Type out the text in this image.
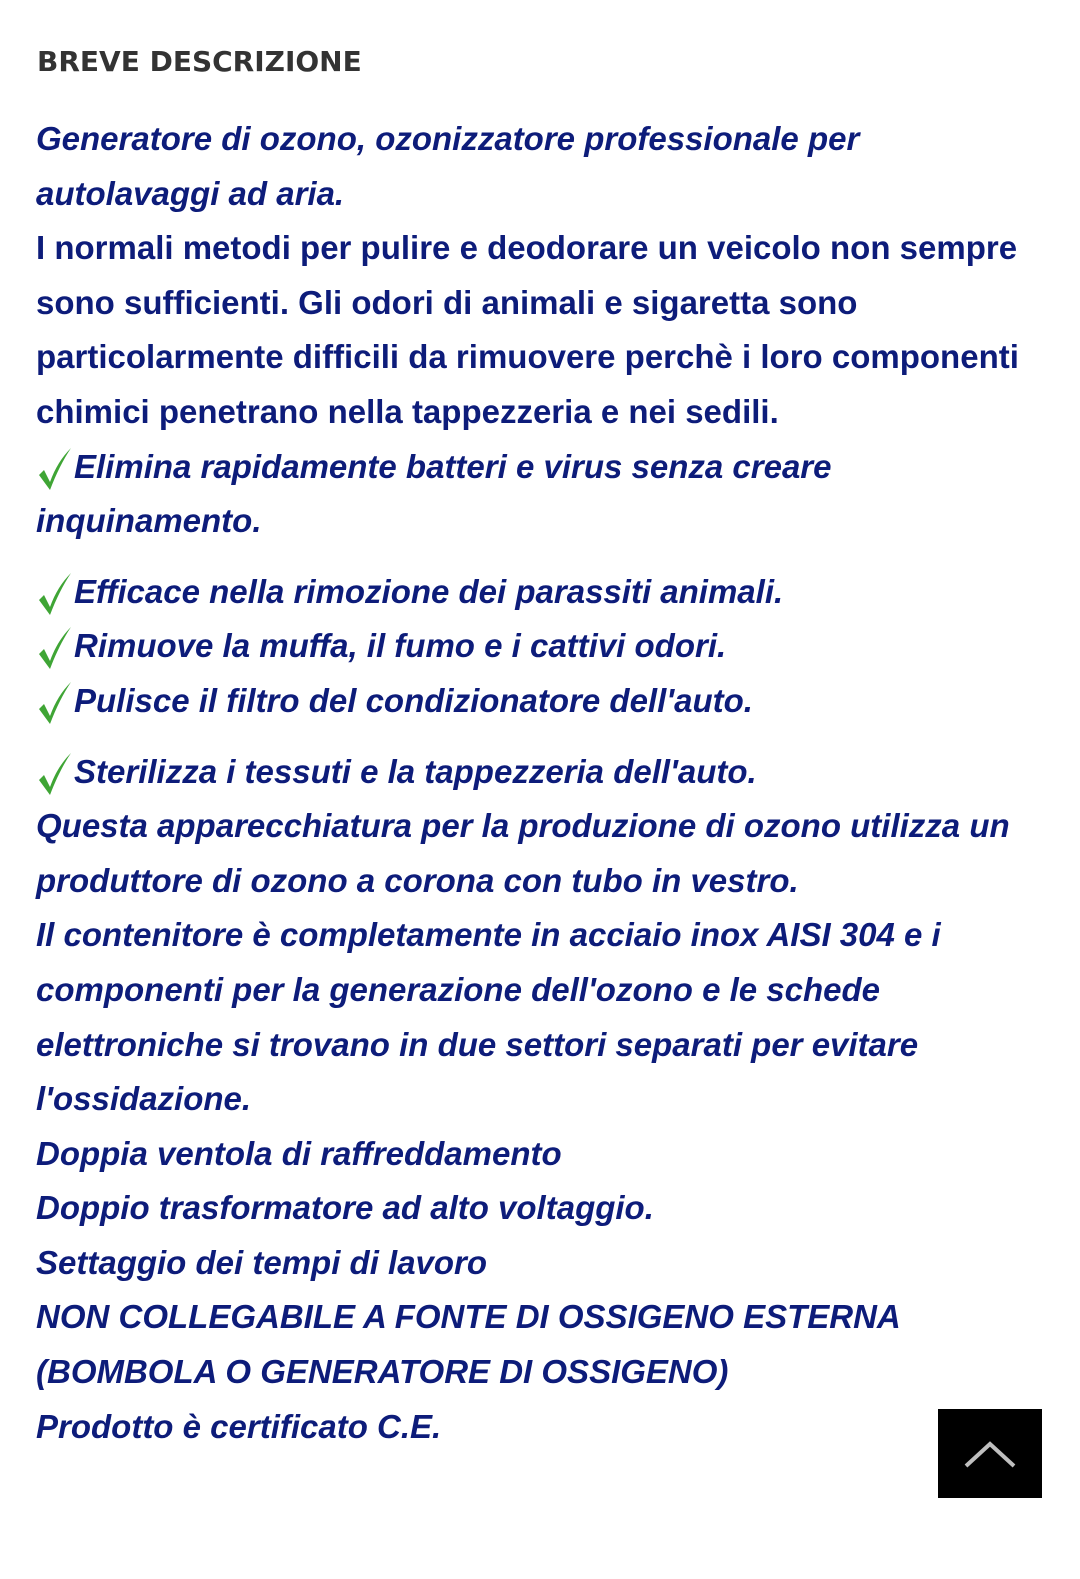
BREVE DESCRIZIONE

Generatore di ozono, ozonizzatore professionale per
autolavaggi ad aria.

I normali metodi per pulire e deodorare un veicolo non sempre sono sufficienti. Gli odori di animali e sigaretta sono particolarmente difficili da rimuovere perchè i loro componenti chimici penetrano nella tappezzeria e nei sedili.

Elimina rapidamente batteri e virus senza creare inquinamento.

Efficace nella rimozione dei parassiti animali.

Rimuove la muffa, il fumo e i cattivi odori.

Pulisce il filtro del condizionatore dell'auto.

Sterilizza i tessuti e la tappezzeria dell'auto.

Questa apparecchiatura per la produzione di ozono utilizza un produttore di ozono a corona con tubo in vestro.

Il contenitore è completamente in acciaio inox AISI 304 e i componenti per la generazione dell'ozono e le schede elettroniche si trovano in due settori separati per evitare l'ossidazione.

Doppia ventola di raffreddamento

Doppio trasformatore ad alto voltaggio.

Settaggio dei tempi di lavoro

NON COLLEGABILE A FONTE DI OSSIGENO ESTERNA (BOMBOLA O GENERATORE DI OSSIGENO)

Prodotto è certificato C.E.
